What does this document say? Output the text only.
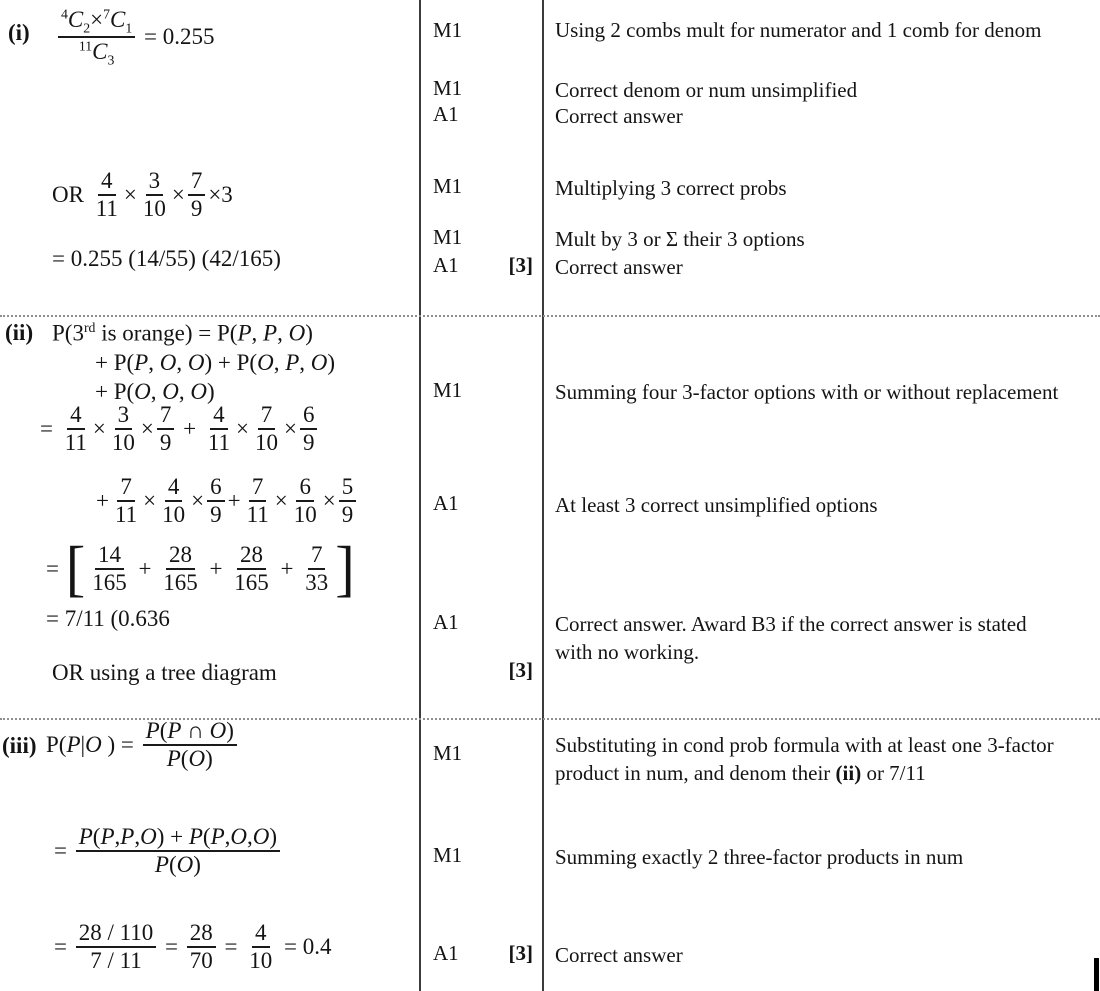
$(i) \frac{^4C_2\times^7C_1}{^{11}C_3} = 0.255$
OR $\frac{4}{11} \times \frac{3}{10} \times \frac{7}{9} \times 3$
= 0.255 (14/55) (42/165)
M1
M1
A1
M1
M1
A1	[3]
Using 2 combs mult for numerator and 1 comb for denom
Correct denom or num unsimplified
Correct answer
Multiplying 3 correct probs
Mult by 3 or Σ their 3 options
Correct answer
(ii) P(3rd is orange) = P(P, P, O)
+ P(P, O, O) + P(O, P, O)
+ P(O, O, O)
= $\frac{4}{11} \times \frac{3}{10} \times \frac{7}{9} + \frac{4}{11} \times \frac{7}{10} \times \frac{6}{9}$
+ $\frac{7}{11} \times \frac{4}{10} \times \frac{6}{9} + \frac{7}{11} \times \frac{6}{10} \times \frac{5}{9}$
= [ $\frac{14}{165} + \frac{28}{165} + \frac{28}{165} + \frac{7}{33}$ ]
= 7/11 (0.636
OR using a tree diagram
M1
A1
A1
[3]
Summing four 3-factor options with or without replacement
At least 3 correct unsimplified options
Correct answer. Award B3 if the correct answer is stated with no working.
(iii) P(P|O ) = $\frac{P(P \cap O)}{P(O)}$
= $\frac{P(P,P,O) + P(P,O,O)}{P(O)}$
= $\frac{28 / 110}{7 / 11} = \frac{28}{70} = \frac{4}{10} = 0.4$
M1
M1
A1	[3]
Substituting in cond prob formula with at least one 3-factor product in num, and denom their (ii) or 7/11
Summing exactly 2 three-factor products in num
Correct answer
